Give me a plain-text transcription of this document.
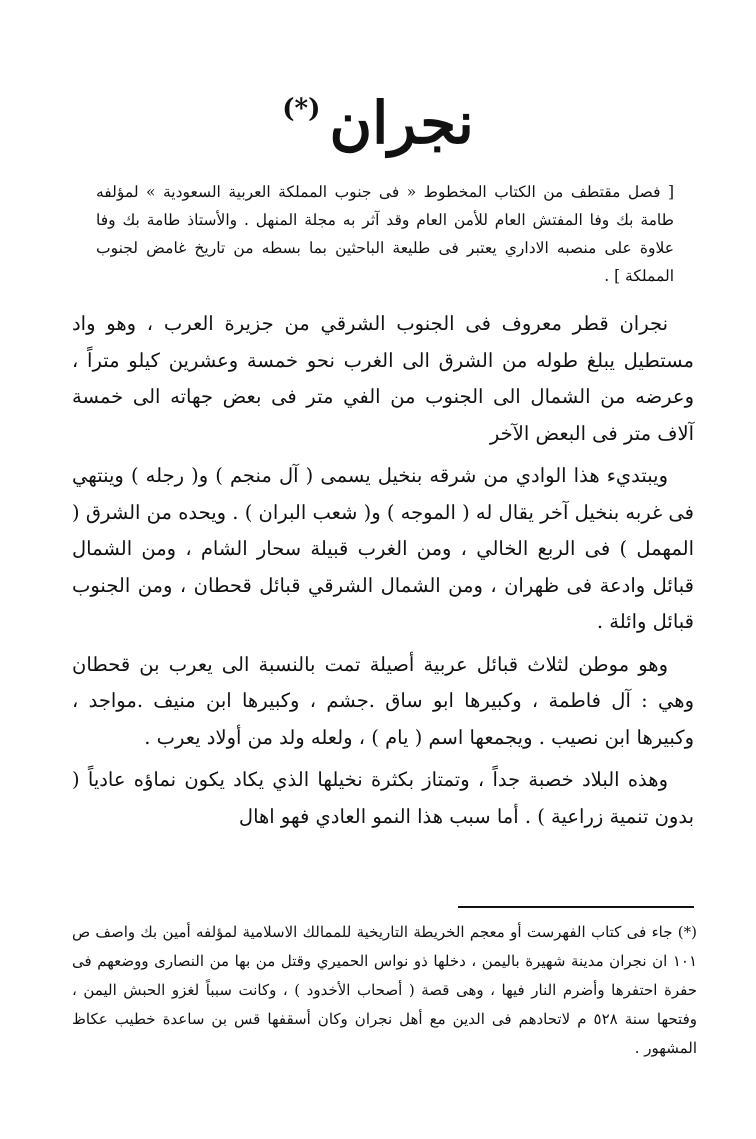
نجران (*)
[ فصل مقتطف من الكتاب المخطوط « فى جنوب المملكة العربية السعودية » لمؤلفه طامة بك وفا المفتش العام للأمن العام وقد آثر به مجلة المنهل . والأستاذ طامة بك وفا علاوة على منصبه الاداري يعتبر فى طليعة الباحثين بما بسطه من تاريخ غامض لجنوب المملكة ] .

نجران قطر معروف فى الجنوب الشرقي من جزيرة العرب ، وهو واد مستطيل يبلغ طوله من الشرق الى الغرب نحو خمسة وعشرين كيلو متراً ، وعرضه من الشمال الى الجنوب من الفي متر فى بعض جهاته الى خمسة آلاف متر فى البعض الآخر

ويبتديء هذا الوادي من شرقه بنخيل يسمى ( آل منجم ) و( رجله ) وينتهي فى غربه بنخيل آخر يقال له ( الموجه ) و( شعب البران ) . ويحده من الشرق ( المهمل ) فى الربع الخالي ، ومن الغرب قبيلة سحار الشام ، ومن الشمال قبائل وادعة فى ظهران ، ومن الشمال الشرقي قبائل قحطان ، ومن الجنوب قبائل وائلة .

وهو موطن لثلاث قبائل عربية أصيلة تمت بالنسبة الى يعرب بن قحطان وهي : آل فاطمة ، وكبيرها ابو ساق .جشم ، وكبيرها ابن منيف .مواجد ، وكبيرها ابن نصيب . ويجمعها اسم ( يام ) ، ولعله ولد من أولاد يعرب .

وهذه البلاد خصبة جداً ، وتمتاز بكثرة نخيلها الذي يكاد يكون نماؤه عادياً ( بدون تنمية زراعية ) . أما سبب هذا النمو العادي فهو اهال

(*) جاء فى كتاب الفهرست أو معجم الخريطة التاريخية للممالك الاسلامية لمؤلفه أمين بك واصف ص ١٠١ ان نجران مدينة شهيرة باليمن ، دخلها ذو نواس الحميري وقتل من بها من النصارى ووضعهم فى حفرة احتفرها وأضرم النار فيها ، وهى قصة ( أصحاب الأخدود ) ، وكانت سبباً لغزو الحبش اليمن ، وفتحها سنة ٥٢٨ م لاتحادهم فى الدين مع أهل نجران وكان أسقفها قس بن ساعدة خطيب عكاظ المشهور .
